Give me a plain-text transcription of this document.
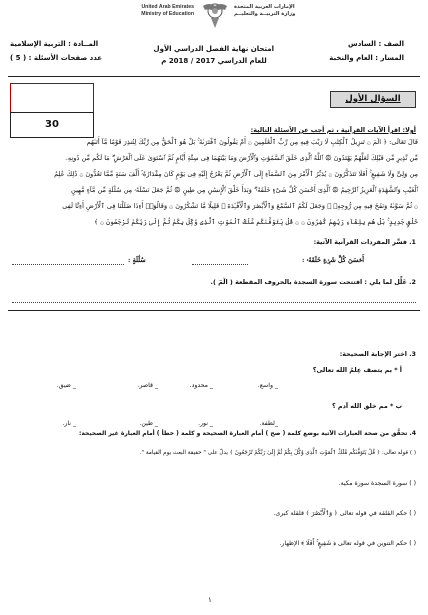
United Arab Emirates
Ministry of Education
الإمارات العربية المتحدة
وزارة التربيــة والتعليــم
الصف : السادس
المسار : العام والنخبة
المــادة : التربية الإسلامية
عدد صفحات الأسئلة : ( 5 )
امتحان نهاية الفصل الدراسي الأول
للعام الدراسي 2017 / 2018 م
30
السؤال الأول
أولا: اقرأ الآيات القرآنية ، ثم أجب عن الأسئلة التالية:
قَالَ تَعَالَى: ﴿ الٓمٓ ۞ تَنزِيلُ ٱلْكِتَٰبِ لَا رَيْبَ فِيهِ مِن رَّبِّ ٱلْعَٰلَمِينَ ۞ أَمْ يَقُولُونَ ٱفْتَرَىٰهُ ۚ بَلْ هُوَ ٱلْحَقُّ مِن رَّبِّكَ لِتُنذِرَ قَوْمًا مَّآ أَتَىٰهُم
مِّن نَّذِيرٍ مِّن قَبْلِكَ لَعَلَّهُمْ يَهْتَدُونَ ۞ ٱللَّهُ ٱلَّذِى خَلَقَ ٱلسَّمَٰوَٰتِ وَٱلْأَرْضَ وَمَا بَيْنَهُمَا فِى سِتَّةِ أَيَّامٍ ثُمَّ ٱسْتَوَىٰ عَلَى ٱلْعَرْشِ ۖ مَا لَكُم مِّن دُونِهِۦ
مِن وَلِىٍّ وَلَا شَفِيعٍ ۚ أَفَلَا تَتَذَكَّرُونَ ۞ يُدَبِّرُ ٱلْأَمْرَ مِنَ ٱلسَّمَآءِ إِلَى ٱلْأَرْضِ ثُمَّ يَعْرُجُ إِلَيْهِ فِى يَوْمٍ كَانَ مِقْدَارُهُۥٓ أَلْفَ سَنَةٍ مِّمَّا تَعُدُّونَ ۞ ذَٰلِكَ عَٰلِمُ
ٱلْغَيْبِ وَٱلشَّهَٰدَةِ ٱلْعَزِيزُ ٱلرَّحِيمُ ۞ ٱلَّذِىٓ أَحْسَنَ كُلَّ شَىْءٍ خَلَقَهُۥ ۖ وَبَدَأَ خَلْقَ ٱلْإِنسَٰنِ مِن طِينٍ ۞ ثُمَّ جَعَلَ نَسْلَهُۥ مِن سُلَٰلَةٍ مِّن مَّآءٍ مَّهِينٍ
۞ ثُمَّ سَوَّىٰهُ وَنَفَخَ فِيهِ مِن رُّوحِهِۦ ۖ وَجَعَلَ لَكُمُ ٱلسَّمْعَ وَٱلْأَبْصَٰرَ وَٱلْأَفْـِٔدَةَ ۚ قَلِيلًا مَّا تَشْكُرُونَ ۞ وَقَالُوٓا۟ أَءِذَا ضَلَلْنَا فِى ٱلْأَرْضِ أَءِنَّا لَفِى
خَلْقٍ جَدِيدٍ ۚ بَلْ هُم بِلِقَآءِ رَبِّهِمْ كَٰفِرُونَ ۞ ۞ قُلْ يَتَوَفَّىٰكُم مَّلَكُ ٱلْمَوْتِ ٱلَّذِى وُكِّلَ بِكُمْ ثُمَّ إِلَىٰ رَبِّكُمْ تُرْجَعُونَ ۞ ﴾
1. فسِّر المفردات القرآنية الآتية:
أَحۡسَنَ كُلَّ شَيۡءٍ خَلَقَهُۥ :
سُلَٰلَةٍ :
2. عَلِّل لما يلي : افتتحت سورة السجدة بالحروف المقطعة ( الٓمٓ ).
3. اختر الإجابة الصحيحة:
أ * بم يتصف عِلمُ الله تعالى؟
_ واسع.
_ محدود.
_ قاصر.
_ ضيق.
ب * مم خلق الله آدم ؟
_لطفة.
_ نور.
_ طين.
_ نار.
4. تحقَّق من صحة العبارات الآتية بوضع كلمة ( صح ) أمام العبارة الصحيحة و كلمة ( خطأ ) أمام العبارة غير الصحيحة:
( ) قوله تعالى: ﴿ قُلْ يَتَوَفَّىٰكُم مَّلَكُ ٱلْمَوْتِ ٱلَّذِى وُكِّلَ بِكُمْ ثُمَّ إِلَىٰ رَبِّكُمْ تُرْجَعُونَ ﴾ يدلّ على " حقيقة البعث يوم القيامة ".
( ) سورة السجدة سورة مكية.
( ) حكم القلقة في قوله تعالى ﴿ وَٱلْأَبْصَٰرَ ﴾ قلقلة كبرى.
( ) حكم التنوين في قوله تعالى ﴿ شَفِيعٍ ۚ أَفَلَا ﴾ الإظهار.
١
